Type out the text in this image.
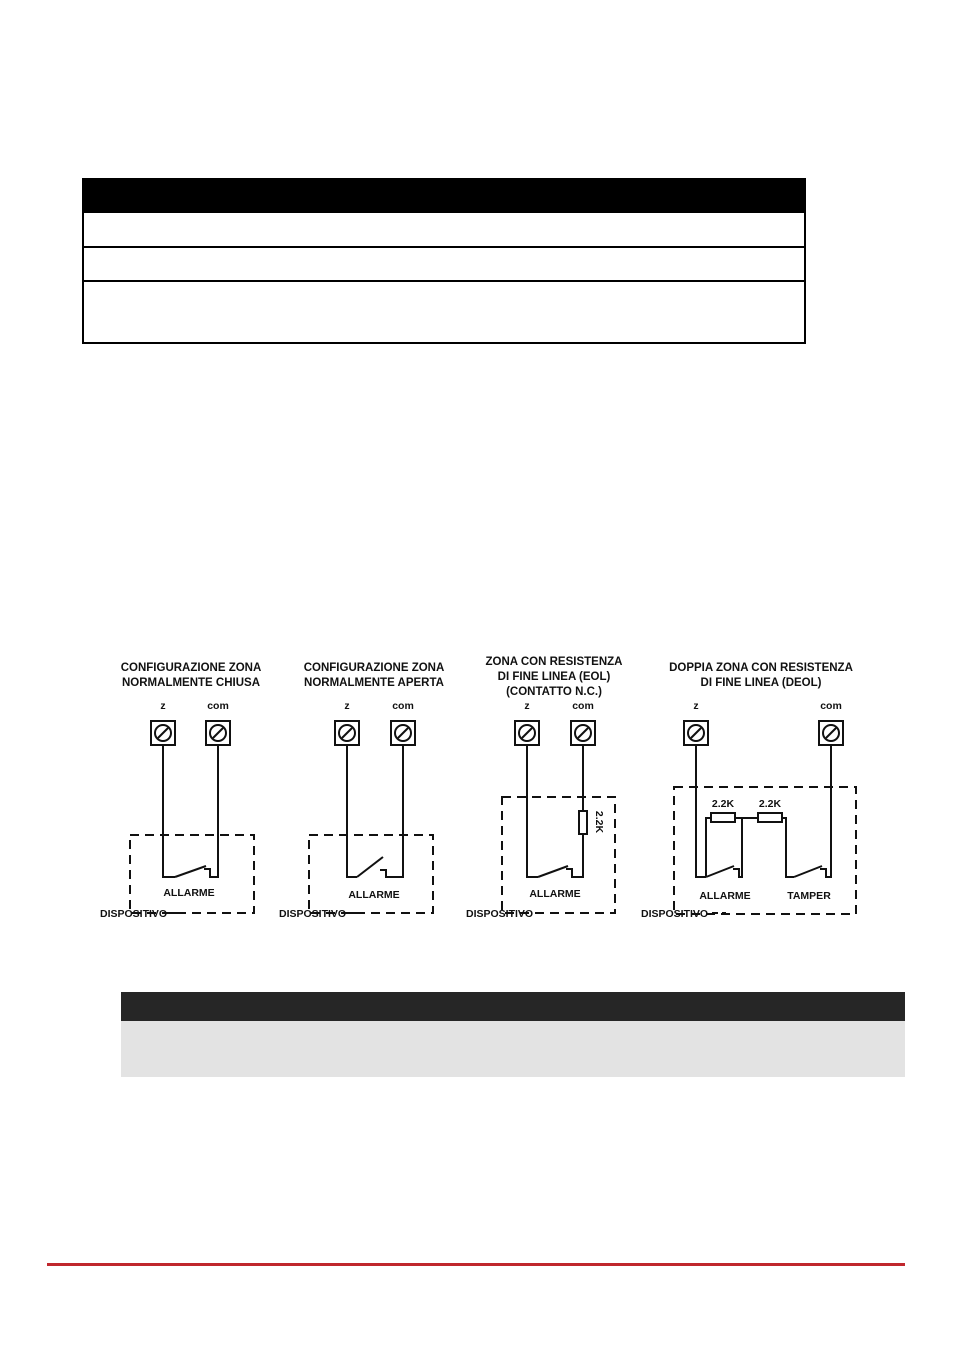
CONFIGURAZIONE ZONA
NORMALMENTE CHIUSA
z	com
ALLARME
DISPOSITIVO
CONFIGURAZIONE ZONA
NORMALMENTE APERTA
z	com
ALLARME
DISPOSITIVO
ZONA CON RESISTENZA
DI FINE LINEA (EOL)
(CONTATTO N.C.)
z	com
2.2K
ALLARME
DISPOSITIVO
DOPPIA ZONA CON RESISTENZA
DI FINE LINEA (DEOL)
z	com
2.2K 2.2K
ALLARME	TAMPER
DISPOSITIVO
